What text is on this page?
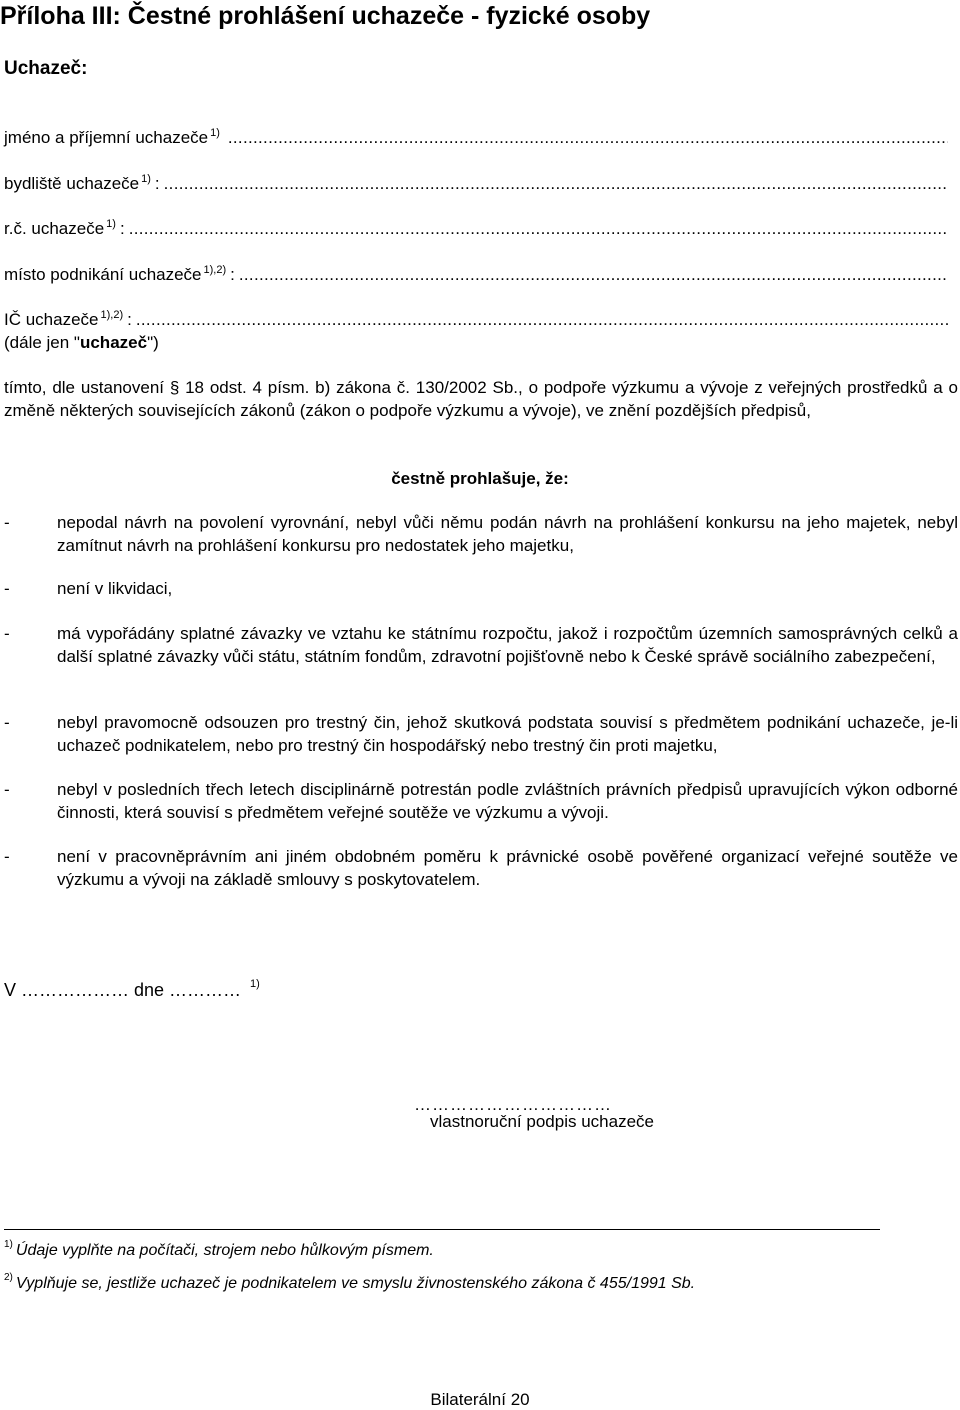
Příloha III: Čestné prohlášení uchazeče - fyzické osoby
Uchazeč:
jméno a příjemní uchazeče 1)
.....
bydliště uchazeče 1) :
.....
r.č. uchazeče 1) :
.....
místo podnikání uchazeče 1),2) :
.....
IČ uchazeče 1),2) :
.....
(dále jen "uchazeč")
tímto, dle ustanovení § 18 odst. 4 písm. b) zákona č. 130/2002 Sb., o podpoře výzkumu a vývoje z veřejných prostředků a o změně některých souvisejících zákonů (zákon o podpoře výzkumu a vývoje), ve znění pozdějších předpisů,
čestně prohlašuje, že:
-	nepodal návrh na povolení vyrovnání, nebyl vůči němu podán návrh na prohlášení konkursu na jeho majetek, nebyl zamítnut návrh na prohlášení konkursu pro nedostatek jeho majetku,
-	není v likvidaci,
-	má vypořádány splatné závazky ve vztahu ke státnímu rozpočtu, jakož i rozpočtům územních samosprávných celků a další splatné závazky vůči státu, státním fondům, zdravotní pojišťovně nebo k České správě sociálního zabezpečení,
-	nebyl pravomocně odsouzen pro trestný čin, jehož skutková podstata souvisí s předmětem podnikání uchazeče, je-li uchazeč podnikatelem, nebo pro trestný čin hospodářský nebo trestný čin proti majetku,
-	nebyl v posledních třech letech disciplinárně potrestán podle zvláštních právních předpisů upravujících výkon odborné činnosti, která souvisí s předmětem veřejné soutěže ve výzkumu a vývoji.
-	není v pracovněprávním ani jiném obdobném poměru k právnické osobě pověřené organizací veřejné soutěže ve výzkumu a vývoji na základě smlouvy s poskytovatelem.
V ……………… dne ………… $^{1)}$
……………………………
vlastnoruční podpis uchazeče
$^{1)}$ Údaje vyplňte na počítači, strojem nebo hůlkovým písmem.
$^{2)}$ Vyplňuje se, jestliže uchazeč je podnikatelem ve smyslu živnostenského zákona č 455/1991 Sb.
Bilaterální 20
